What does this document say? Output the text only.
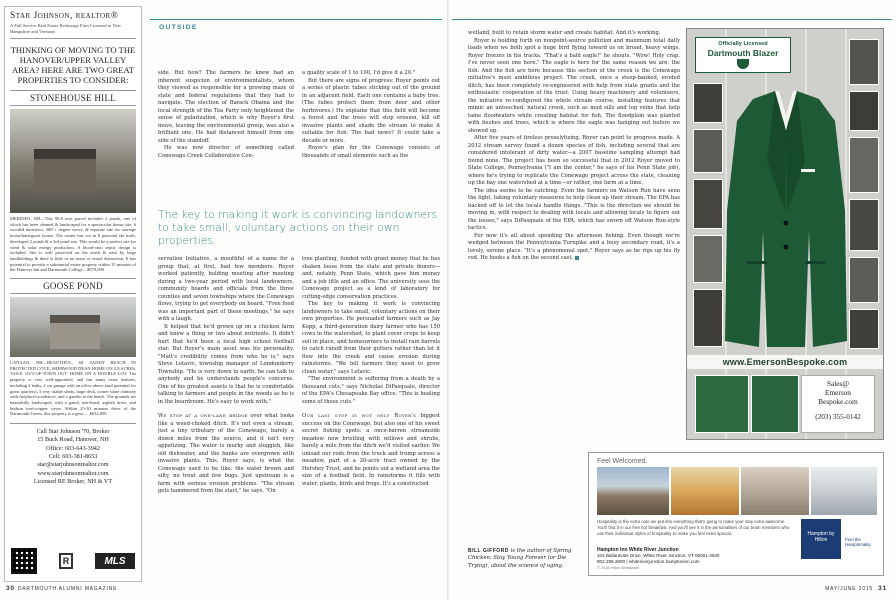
Star Johnson, realtor®
A Full Service Real Estate Brokerage Firm Licensed in New Hampshire and Vermont
THINKING OF MOVING TO THE HANOVER/UPPER VALLEY AREA? HERE ARE TWO GREAT PROPERTIES TO CONSIDER:
STONEHOUSE HILL
MERIDEN, NH—This 98.8 acre parcel includes 2 ponds, one of which has been cleaned & landscaped for a spectacular bonus site, 6 wooded meadows, 360°+ degree views, & separate site for carriage house/barn/guest house. The owner has cut in 8 personal ski trails, developed 2 ponds & a 3rd pond site. This would be a perfect site for wind & solar energy production. A blood-onto septic design is included. Site is well protected on the north & west by large landholdings & there is little or no noise or visual distraction. It has potential to provide a substantial estate property within 15 minutes of the Hanover Inn and Dartmouth College....$979,000
GOOSE POND
CANAAN, NH—BEAUTIFUL, 60' SANDY BEACH IN PROTECTED COVE, SHERWOOD DEAN HOME ON 2.8 ACRES, 'GOLF, OUT-OF-TOWN OUT' HOME ON A DOUBLE LOT. The property is very well-appointed, and has many extra features, including 2 baths, 2 car garage with an office above (and potential for guest quarters), 3 very usable sheds, large deck, corner stone chimney with fireplace/woodstove, and a gazebo at the beach. The grounds are beautifully landscaped, with a gated, tree-lined, asphalt drive, and hudson tree/cropper cover. Within 25-30 minutes drive of the Dartmouth Green, this property is a gem......$632,000
Call Star Johnson '70, Broker
15 Buck Road, Hanover, NH
Office: 603-643-3942
Cell: 603-381-8653
star@starjohnsonrealtor.com
www.starjohnsonrealtor.com
Licensed RE Broker, NH & VT
R	MLS
OUTSIDE

side. But how? The farmers he knew had an inherent suspicion of environmentalists, whom they viewed as responsible for a growing maze of state and federal regulations that they had to navigate. The election of Barack Obama and the local strength of the Tea Party only heightened the sense of polarization, which is why Royer's first move, leaving the environmental group, was also a brilliant one. He had distanced himself from one side of the standoff.

He was now director of something called Conewago Creek Collaborative Con-

a quality scale of 1 to 100, I'd give it a 20."

But there are signs of progress: Royer points out a series of plastic tubes sticking out of the ground in an adjacent field. Each one contains a baby tree. (The tubes protect them from deer and other herbivores.) He explains that this field will become a forest and the trees will stop erosion, kill off invasive plants and shade the stream to make it suitable for fish. The bad news? It could take a decade or more.

Royer's plan for the Conewago consists of thousands of small elements such as the

The key to making it work is convincing landowners to take small, voluntary actions on their own properties.

servation Initiative, a mouthful of a name for a group that, at first, had few members. Royer worked patiently, holding meeting after meeting during a two-year period with local landowners, community boards and officials from the three counties and seven townships where the Conewago flows, trying to get everybody on board. "Free food was an important part of these meetings," he says with a laugh.

It helped that he'd grown up on a chicken farm and knew a thing or two about nutrients. It didn't hurt that he'd been a local high school football star. But Royer's main asset was his personality. "Matt's credibility comes from who he is," says Steve Letavic, township manager of Londonderry Township. "He is very down to earth, he can talk to anybody and he understands people's concerns. One of his greatest assets is that he is comfortable talking to farmers and people in the woods as he is in the boardroom. He's easy to work with."

We stop at a one-lane bridge over what looks like a weed-choked ditch. It's not even a stream, just a tiny tributary of the Conewago, barely a dozen miles from the source, and it isn't very appetizing. The water is murky and sluggish, like old dishwater, and the banks are overgrown with invasive plants. This, Royer says, is what the Conewago used to be like: the water brown and silty, no trout and few bugs. Just upstream is a farm with serious erosion problems. "The stream gets hammered from the start," he says. "On

tree planting, funded with grant money that he has shaken loose from the state and private donors—and, notably, Penn State, which gave him money and a job title and an office. The university sees the Conewago project as a kind of laboratory for cutting-edge conservation practices.

The key to making it work is convincing landowners to take small, voluntary actions on their own properties. He persuaded farmers such as Jay Kopp, a third-generation dairy farmer who has 150 cows in the watershed, to plant cover crops to keep soil in place, and homeowners to install rain barrels to catch runoff from their gutters rather than let it flow into the creek and cause erosion during rainstorms. "We tell farmers they need to grow clean water," says Letavic.

"The environment is suffering from a death by a thousand cuts," says Nicholas DiPasquale, director of the EPA's Chesapeake Bay office. "This is healing some of those cuts."

Our last stop is not only Royer's biggest success on the Conewago, but also one of his sweet secret fishing spots: a once-barren streamside meadow now bristling with willows and shrubs, barely a mile from the ditch we'd visited earlier. We unload our rods from the truck and tromp across a meadow, part of a 20-acre tract owned by the Hershey Trust, and he points out a wetland area the size of a football field. In rainstorms it fills with water, plants, birds and frogs. It's a constructed

wetland, built to retain storm water and create habitat. And it's working.

Royer is holding forth on nonpoint-source pollution and maximum total daily loads when we both spot a huge bird flying toward us on broad, heavy wings. Royer freezes in his tracks. "That's a bald eagle!" he shouts. "Wow! Holy crap. I've never seen one here." The eagle is here for the same reason we are: the fish. And the fish are here because this section of the creek is the Conewago initiative's most ambitious project. The creek, once a steep-banked, eroded ditch, has been completely re-engineered with help from state grants and the enthusiastic cooperation of the trust. Using heavy machinery and volunteers, the initiative re-configured the whole stream course, installing features that mimic an untouched, natural creek, such as mud sills and log veins that help tame floodwaters while creating habitat for fish. The floodplain was planted with bushes and trees, which is where the eagle was hanging out before we showed up.

After five years of tireless proselytizing, Royer can point to progress made. A 2012 stream survey found a dozen species of fish, including several that are considered intolerant of dirty water—a 2007 baseline sampling attempt had found none. The project has been so successful that in 2012 Royer moved to State College, Pennsylvania ("I am the center," he says of his Penn State job), where he's trying to replicate the Conewago project across the state, cleaning up the bay one watershed at a time—or rather, one farm at a time.

The idea seems to be catching. Even the farmers on Watson Run have seen the light, taking voluntary measures to help clean up their stream. The EPA has backed off to let the locals handle things. "This is the direction we should be moving in, with respect to dealing with locals and allowing locals to figure out the issues," says DiPasquale of the EPA, which has sworn off Watson Run-style tactics.

For now it's all about spending the afternoon fishing. Even though we're wedged between the Pennsylvania Turnpike and a busy secondary road, it's a lovely, serene place. "It's a phenomenal spot," Royer says as he rigs up his fly rod. He hooks a fish on the second cast.

BILL GIFFORD is the author of Spring Chicken: Stay Young Forever (or Die Trying), about the science of aging.
Officially Licensed
Dartmouth Blazer
www.EmersonBespoke.com
Sales@
Emerson
Bespoke.com
(203) 355-0142
Feel Welcomed.
Hospitality is the extra care we put into everything that's going to make your stay extra awesome. You'll find it in our free hot breakfast. And you'll see it in the personalities of our team members who use their individual styles of hospitality to make you feel extra special.
Hampton Inn White River Junction
104 Ballardvale Drive, White River Junction, VT 05001-3630
802.296.2800 | whiteriverjunction.hamptoninn.com
© 2015 Hilton Worldwide
Hampton by Hilton	Feel the Hamptonality
30 DARTMOUTH ALUMNI MAGAZINE	MAY/JUNE 2015 31
